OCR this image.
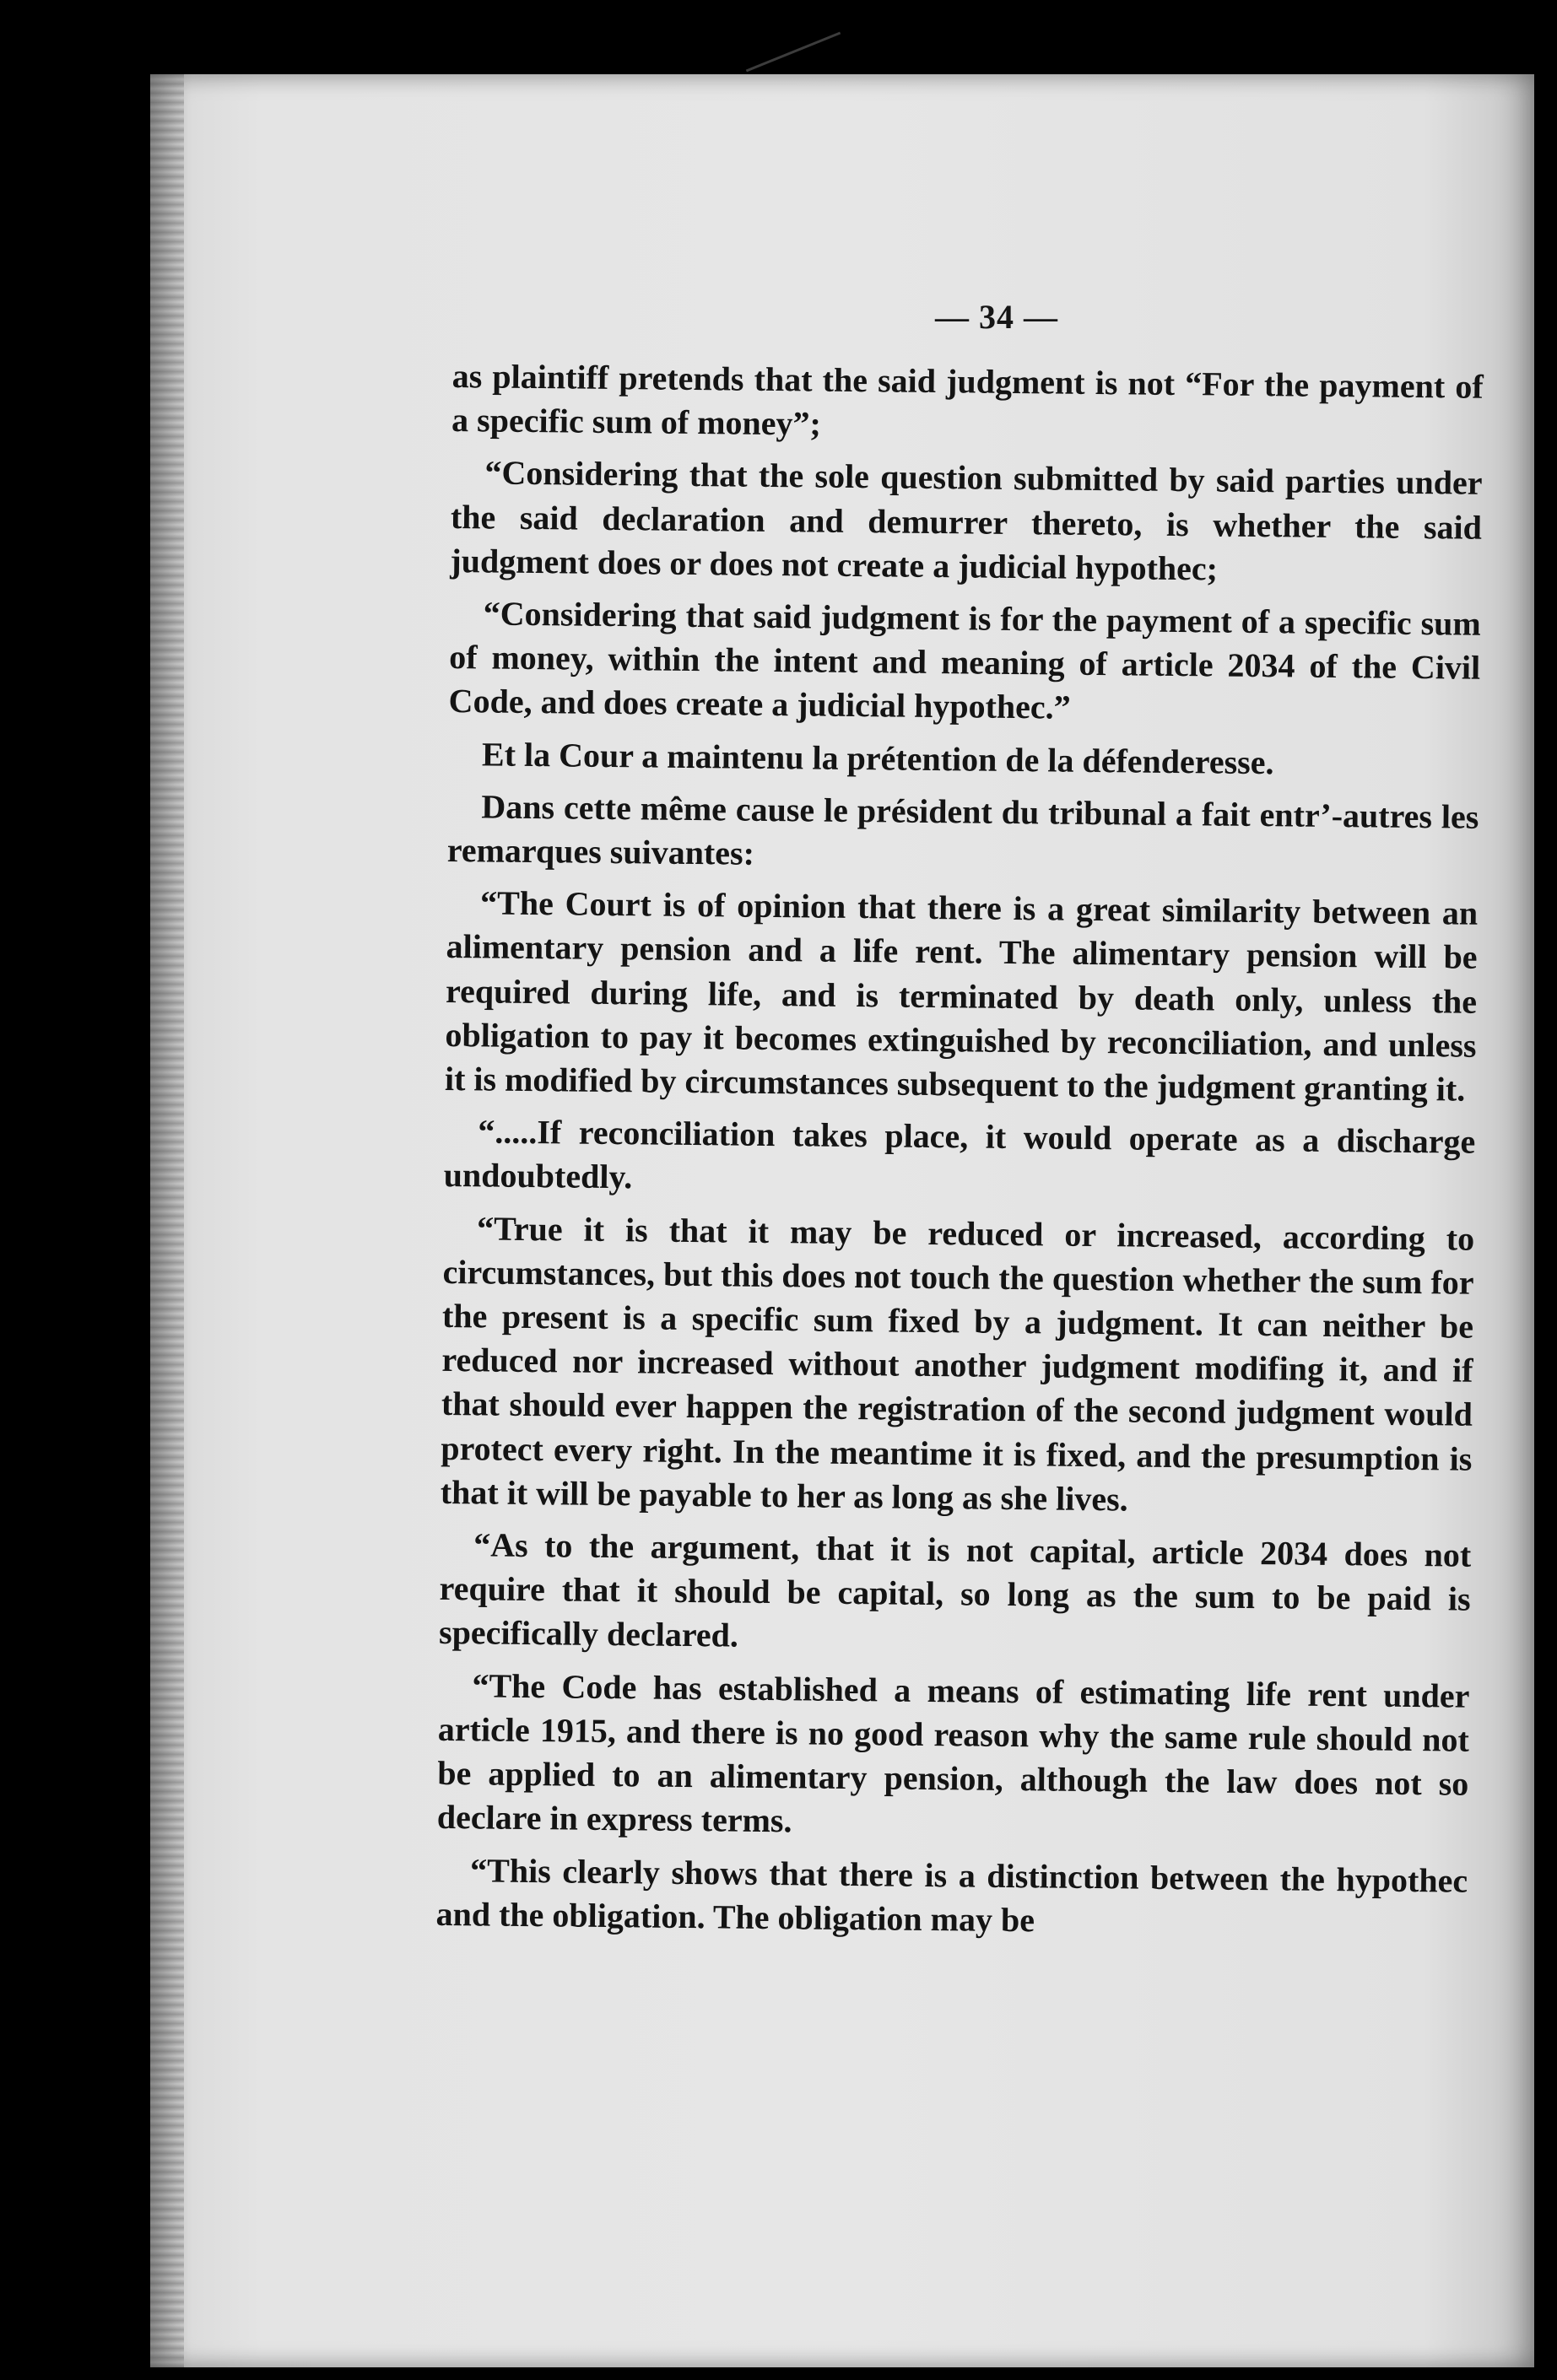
— 34 —

as plaintiff pretends that the said judgment is not “For the payment of a specific sum of money”;

“Considering that the sole question submitted by said parties under the said declaration and demurrer thereto, is whether the said judgment does or does not create a judicial hypothec;

“Considering that said judgment is for the payment of a specific sum of money, within the intent and meaning of article 2034 of the Civil Code, and does create a judicial hypothec.”

Et la Cour a maintenu la prétention de la défenderesse.

Dans cette même cause le président du tribunal a fait entr’-autres les remarques suivantes:

“The Court is of opinion that there is a great similarity between an alimentary pension and a life rent. The alimentary pension will be required during life, and is terminated by death only, unless the obligation to pay it becomes extinguished by reconciliation, and unless it is modified by circumstances subsequent to the judgment granting it.

“.....If reconciliation takes place, it would operate as a discharge undoubtedly.

“True it is that it may be reduced or increased, according to circumstances, but this does not touch the question whether the sum for the present is a specific sum fixed by a judgment. It can neither be reduced nor increased without another judgment modifing it, and if that should ever happen the registration of the second judgment would protect every right. In the meantime it is fixed, and the presumption is that it will be payable to her as long as she lives.

“As to the argument, that it is not capital, article 2034 does not require that it should be capital, so long as the sum to be paid is specifically declared.

“The Code has established a means of estimating life rent under article 1915, and there is no good reason why the same rule should not be applied to an alimentary pension, although the law does not so declare in express terms.

“This clearly shows that there is a distinction between the hypothec and the obligation. The obligation may be
